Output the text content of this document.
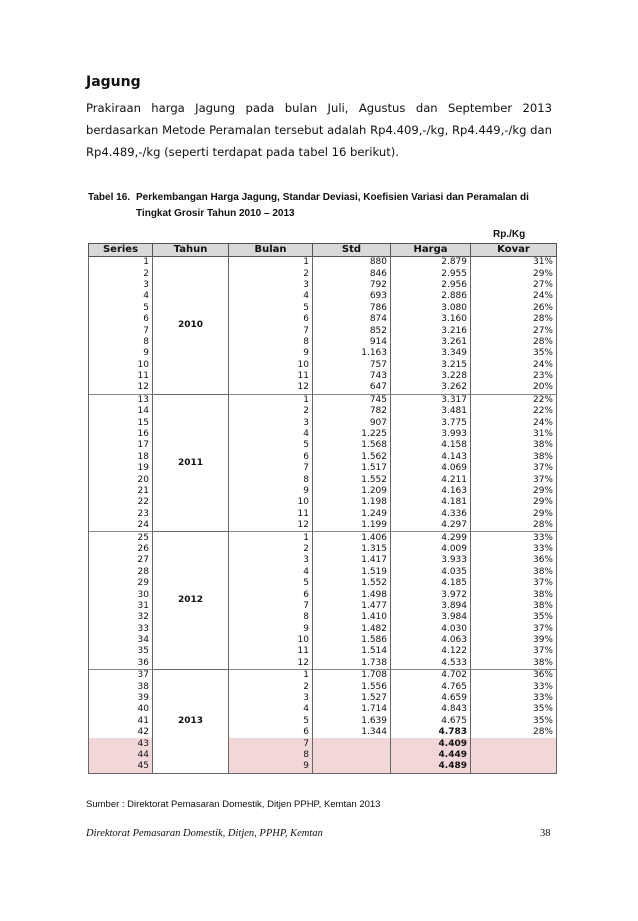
Jagung

Prakiraan harga Jagung pada bulan Juli, Agustus dan September 2013 berdasarkan Metode Peramalan tersebut adalah Rp4.409,-/kg, Rp4.449,-/kg dan Rp4.489,-/kg (seperti terdapat pada tabel 16 berikut).

Tabel 16. Perkembangan Harga Jagung, Standar Deviasi, Koefisien Variasi dan Peramalan di Tingkat Grosir Tahun 2010 – 2013
Rp./Kg
Series	Tahun	Bulan	Std	Harga	Kovar
1	2010	1	880	2.879	31%
2		2	846	2.955	29%
3		3	792	2.956	27%
4		4	693	2.886	24%
5		5	786	3.080	26%
6		6	874	3.160	28%
7		7	852	3.216	27%
8		8	914	3.261	28%
9		9	1.163	3.349	35%
10		10	757	3.215	24%
11		11	743	3.228	23%
12		12	647	3.262	20%
13	2011	1	745	3.317	22%
14		2	782	3.481	22%
15		3	907	3.775	24%
16		4	1.225	3.993	31%
17		5	1.568	4.158	38%
18		6	1.562	4.143	38%
19		7	1.517	4.069	37%
20		8	1.552	4.211	37%
21		9	1.209	4.163	29%
22		10	1.198	4.181	29%
23		11	1.249	4.336	29%
24		12	1.199	4.297	28%
25	2012	1	1.406	4.299	33%
26		2	1.315	4.009	33%
27		3	1.417	3.933	36%
28		4	1.519	4.035	38%
29		5	1.552	4.185	37%
30		6	1.498	3.972	38%
31		7	1.477	3.894	38%
32		8	1.410	3.984	35%
33		9	1.482	4.030	37%
34		10	1.586	4.063	39%
35		11	1.514	4.122	37%
36		12	1.738	4.533	38%
37	2013	1	1.708	4.702	36%
38		2	1.556	4.765	33%
39		3	1.527	4.659	33%
40		4	1.714	4.843	35%
41		5	1.639	4.675	35%
42		6	1.344	4.783	28%
43		7		4.409	
44		8		4.449	
45		9		4.489	
Sumber : Direktorat Pemasaran Domestik, Ditjen PPHP, Kemtan 2013
Direktorat Pemasaran Domestik, Ditjen, PPHP, Kemtan	38
